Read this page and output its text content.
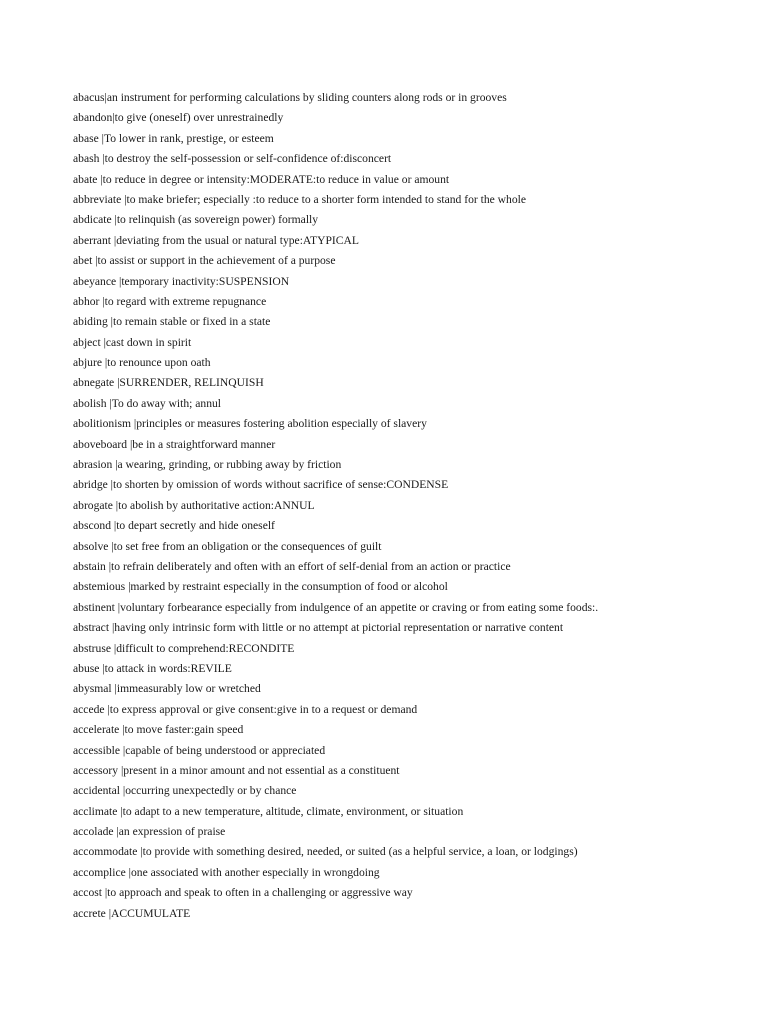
abacus|an instrument for performing calculations by sliding counters along rods or in grooves
abandon|to give (oneself) over unrestrainedly
abase |To lower in rank, prestige, or esteem
abash |to destroy the self-possession or self-confidence of:disconcert
abate |to reduce in degree or intensity:MODERATE:to reduce in value or amount
abbreviate |to make briefer; especially :to reduce to a shorter form intended to stand for the whole
abdicate |to relinquish (as sovereign power) formally
aberrant |deviating from the usual or natural type:ATYPICAL
abet |to assist or support in the achievement of a purpose
abeyance |temporary inactivity:SUSPENSION
abhor |to regard with extreme repugnance
abiding |to remain stable or fixed in a state
abject |cast down in spirit
abjure |to renounce upon oath
abnegate |SURRENDER, RELINQUISH
abolish |To do away with; annul
abolitionism |principles or measures fostering abolition especially of slavery
aboveboard |be in a straightforward manner
abrasion |a wearing, grinding, or rubbing away by friction
abridge |to shorten by omission of words without sacrifice of sense:CONDENSE
abrogate |to abolish by authoritative action:ANNUL
abscond |to depart secretly and hide oneself
absolve |to set free from an obligation or the consequences of guilt
abstain |to refrain deliberately and often with an effort of self-denial from an action or practice
abstemious |marked by restraint especially in the consumption of food or alcohol
abstinent |voluntary forbearance especially from indulgence of an appetite or craving or from eating some foods:.
abstract |having only intrinsic form with little or no attempt at pictorial representation or narrative content
abstruse |difficult to comprehend:RECONDITE
abuse |to attack in words:REVILE
abysmal |immeasurably low or wretched
accede |to express approval or give consent:give in to a request or demand
accelerate |to move faster:gain speed
accessible |capable of being understood or appreciated
accessory |present in a minor amount and not essential as a constituent
accidental |occurring unexpectedly or by chance
acclimate |to adapt to a new temperature, altitude, climate, environment, or situation
accolade |an expression of praise
accommodate |to provide with something desired, needed, or suited (as a helpful service, a loan, or lodgings)
accomplice |one associated with another especially in wrongdoing
accost |to approach and speak to often in a challenging or aggressive way
accrete |ACCUMULATE
